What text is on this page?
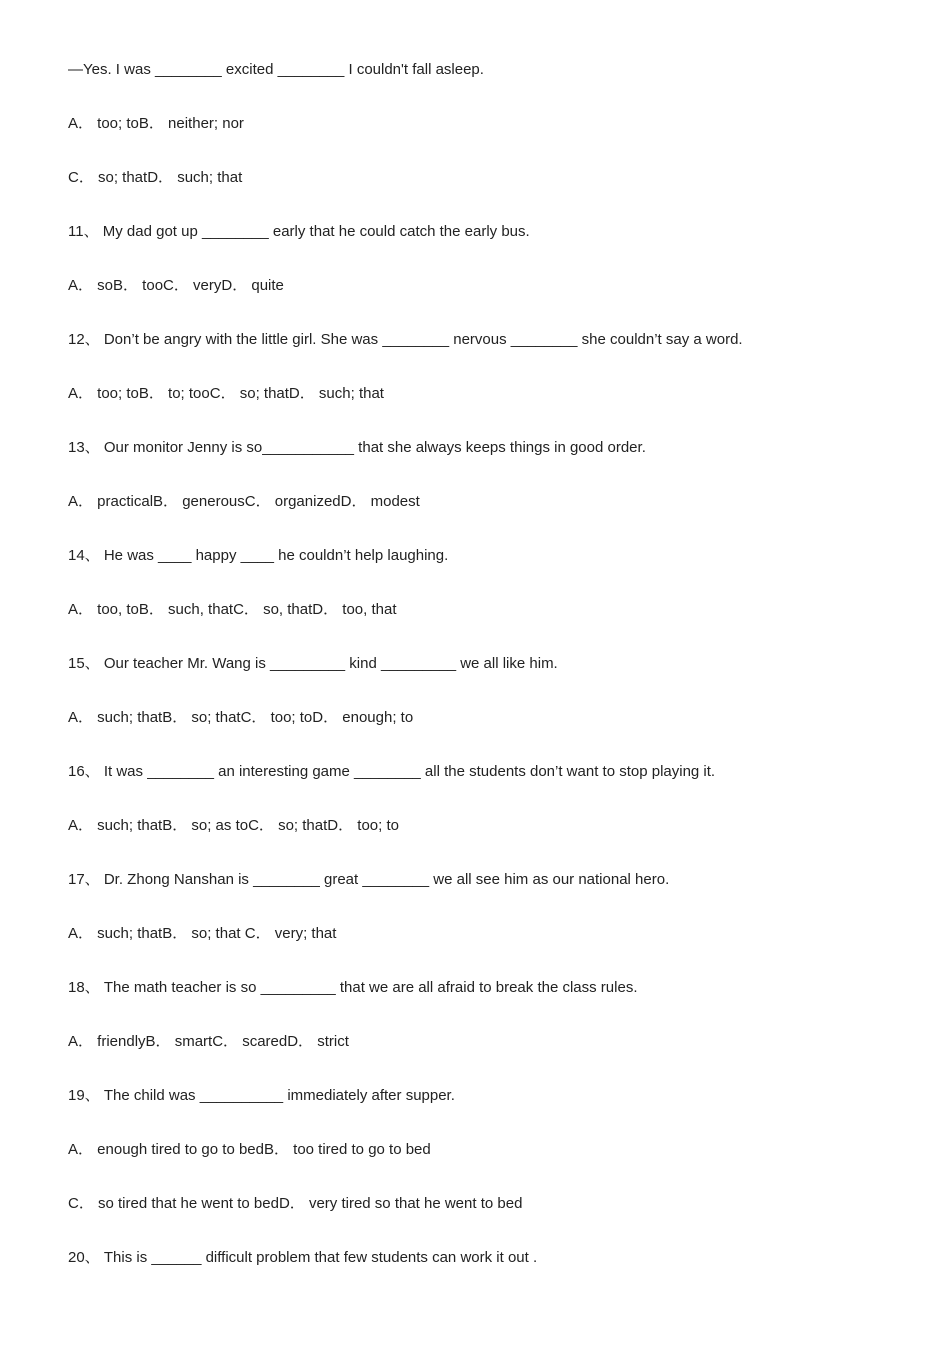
—Yes. I was ________ excited ________ I couldn't fall asleep.
A． too; toB． neither; nor
C． so; thatD． such; that
11、 My dad got up ________ early that he could catch the early bus.
A． soB． tooC． veryD． quite
12、 Don’t be angry with the little girl. She was ________ nervous ________ she couldn’t say a word.
A． too; toB． to; tooC． so; thatD． such; that
13、 Our monitor Jenny is so___________ that she always keeps things in good order.
A． practicalB． generousC． organizedD． modest
14、 He was ____ happy ____ he couldn’t help laughing.
A． too, toB． such, thatC． so, thatD． too, that
15、 Our teacher Mr. Wang is _________ kind _________ we all like him.
A． such; thatB． so; thatC． too; toD． enough; to
16、 It was ________ an interesting game ________ all the students don’t want to stop playing it.
A． such; thatB． so; as toC． so; thatD． too; to
17、 Dr. Zhong Nanshan is ________ great ________ we all see him as our national hero.
A． such; thatB． so; that C． very; that
18、 The math teacher is so _________ that we are all afraid to break the class rules.
A． friendlyB． smartC． scaredD． strict
19、 The child was __________ immediately after supper.
A． enough tired to go to bedB． too tired to go to bed
C． so tired that he went to bedD． very tired so that he went to bed
20、 This is ______ difficult problem that few students can work it out .
